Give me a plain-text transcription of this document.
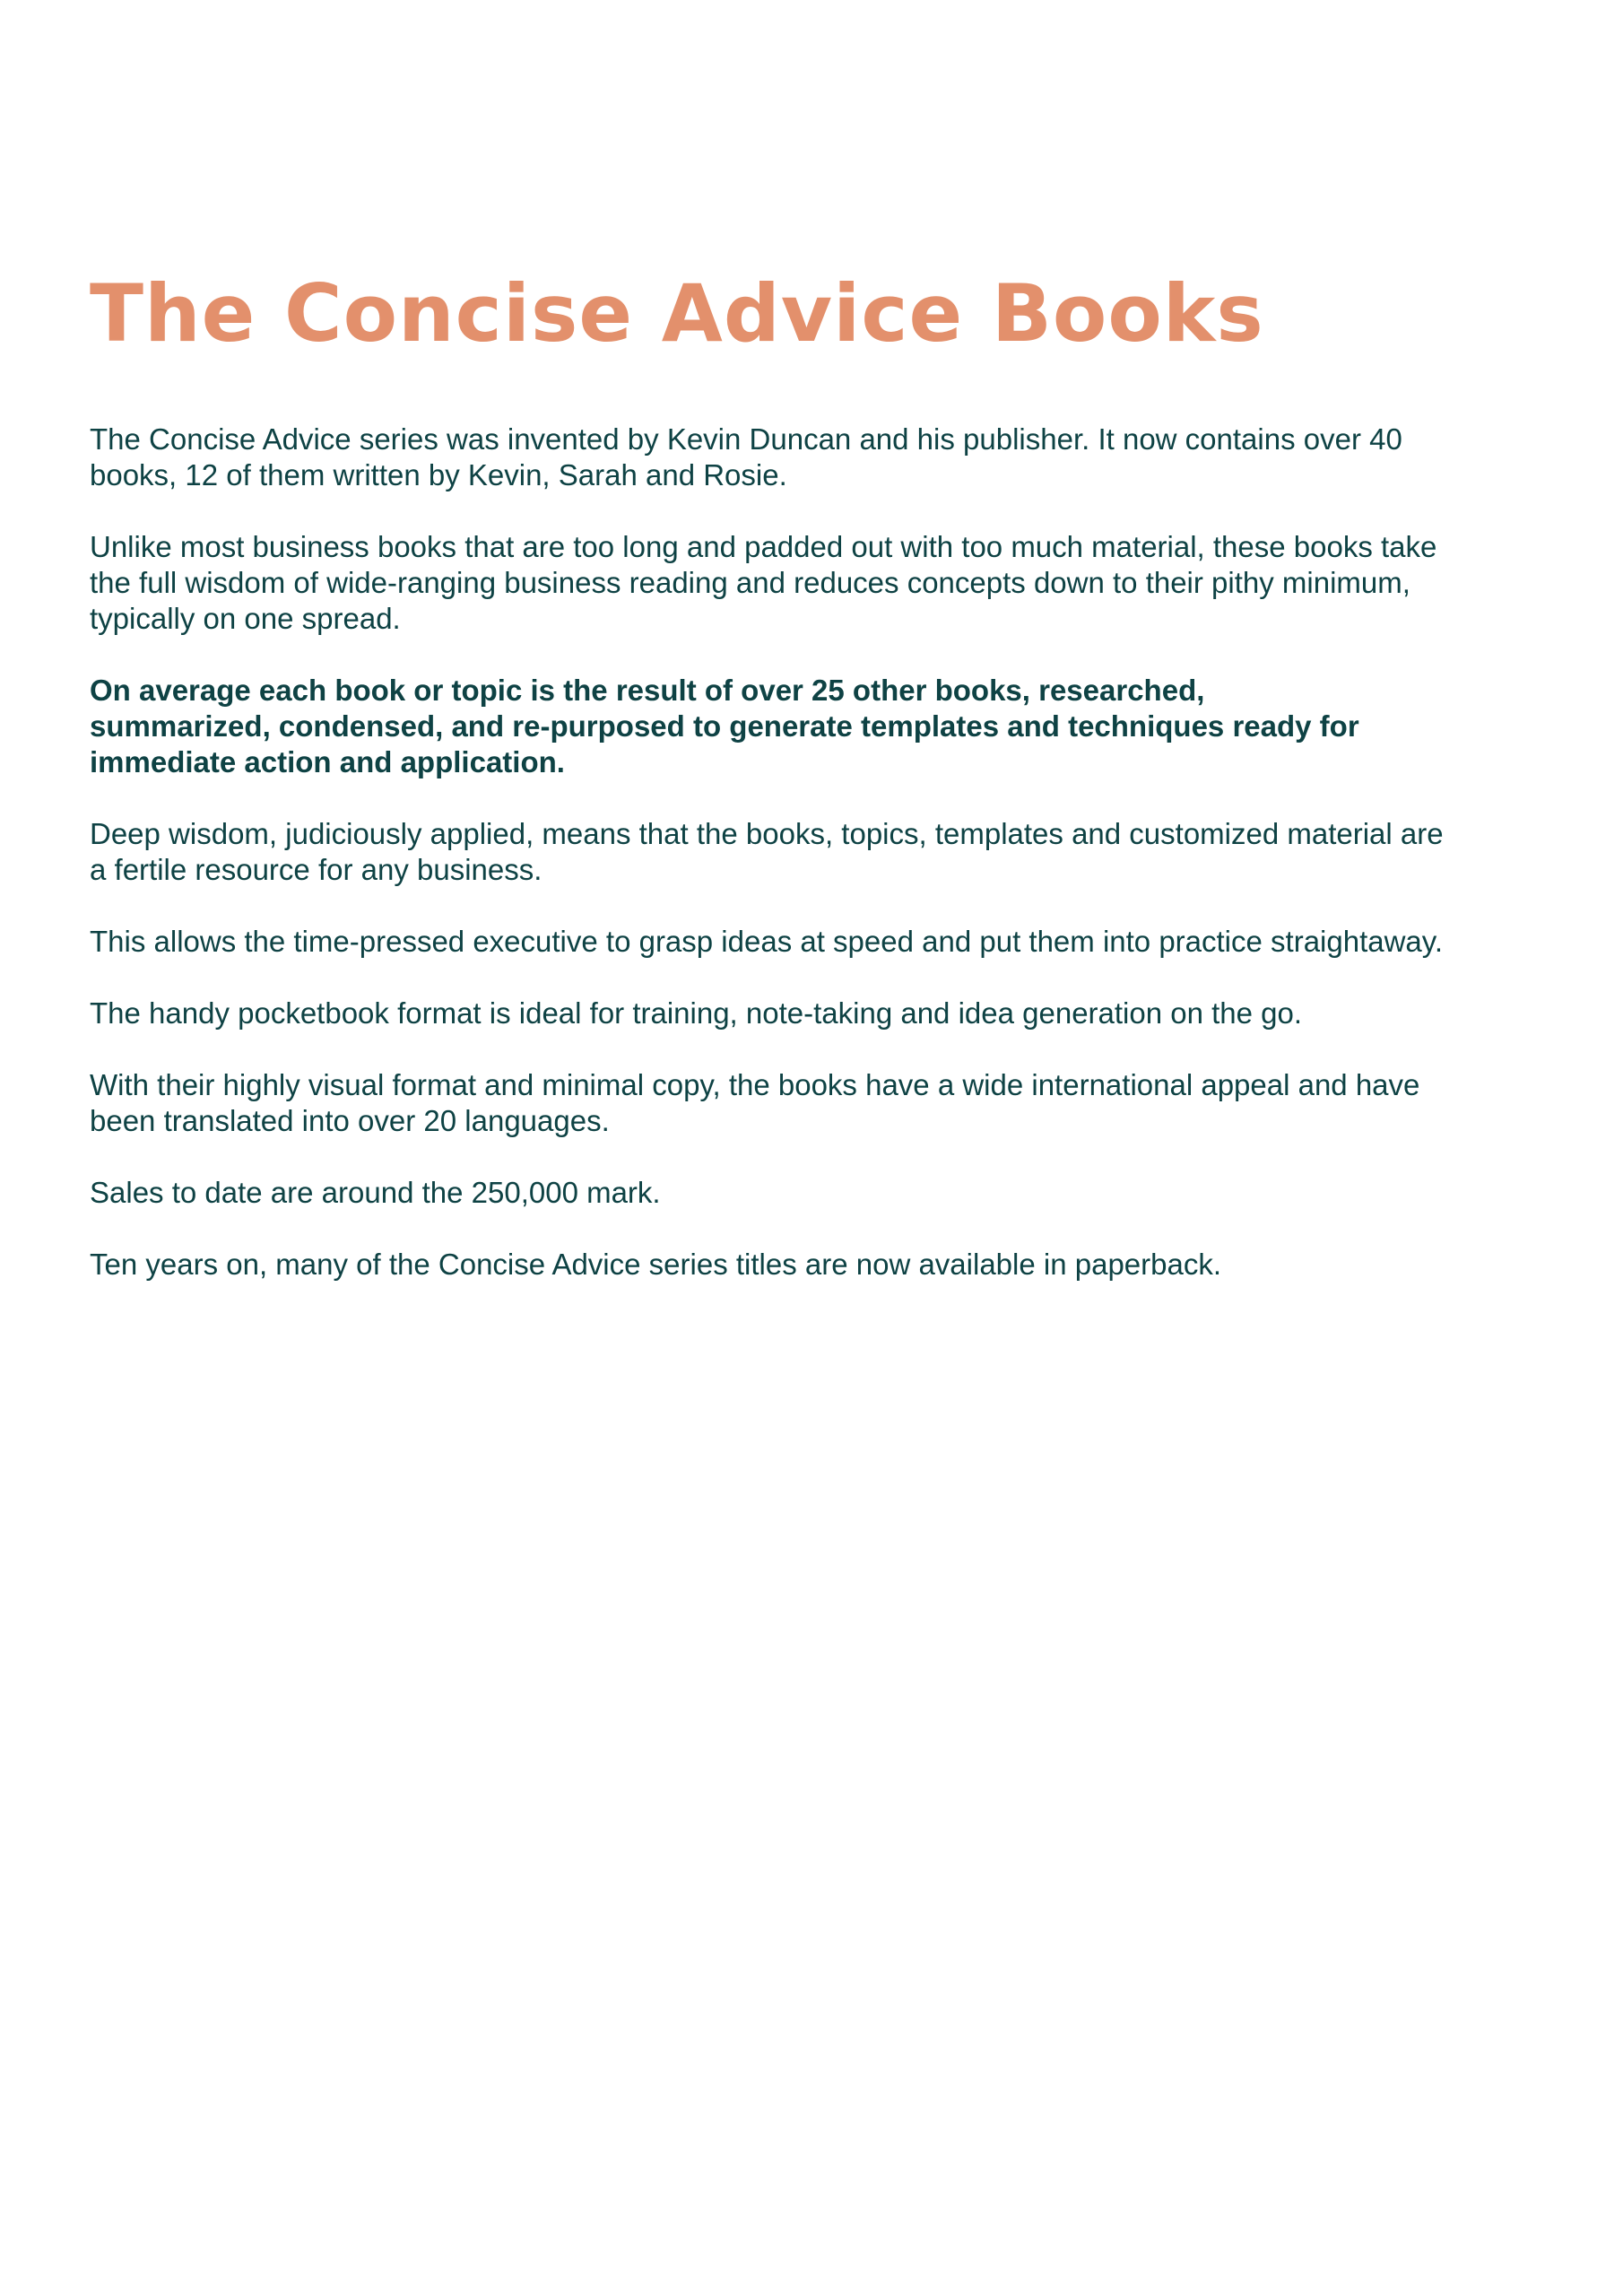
The Concise Advice Books

The Concise Advice series was invented by Kevin Duncan and his publisher. It now contains over 40 books, 12 of them written by Kevin, Sarah and Rosie.

Unlike most business books that are too long and padded out with too much material, these books take the full wisdom of wide-ranging business reading and reduces concepts down to their pithy minimum, typically on one spread.

On average each book or topic is the result of over 25 other books, researched, summarized, condensed, and re-purposed to generate templates and techniques ready for immediate action and application.

Deep wisdom, judiciously applied, means that the books, topics, templates and customized material are a fertile resource for any business.

This allows the time-pressed executive to grasp ideas at speed and put them into practice straightaway.

The handy pocketbook format is ideal for training, note-taking and idea generation on the go.

With their highly visual format and minimal copy, the books have a wide international appeal and have been translated into over 20 languages.

Sales to date are around the 250,000 mark.

Ten years on, many of the Concise Advice series titles are now available in paperback.
